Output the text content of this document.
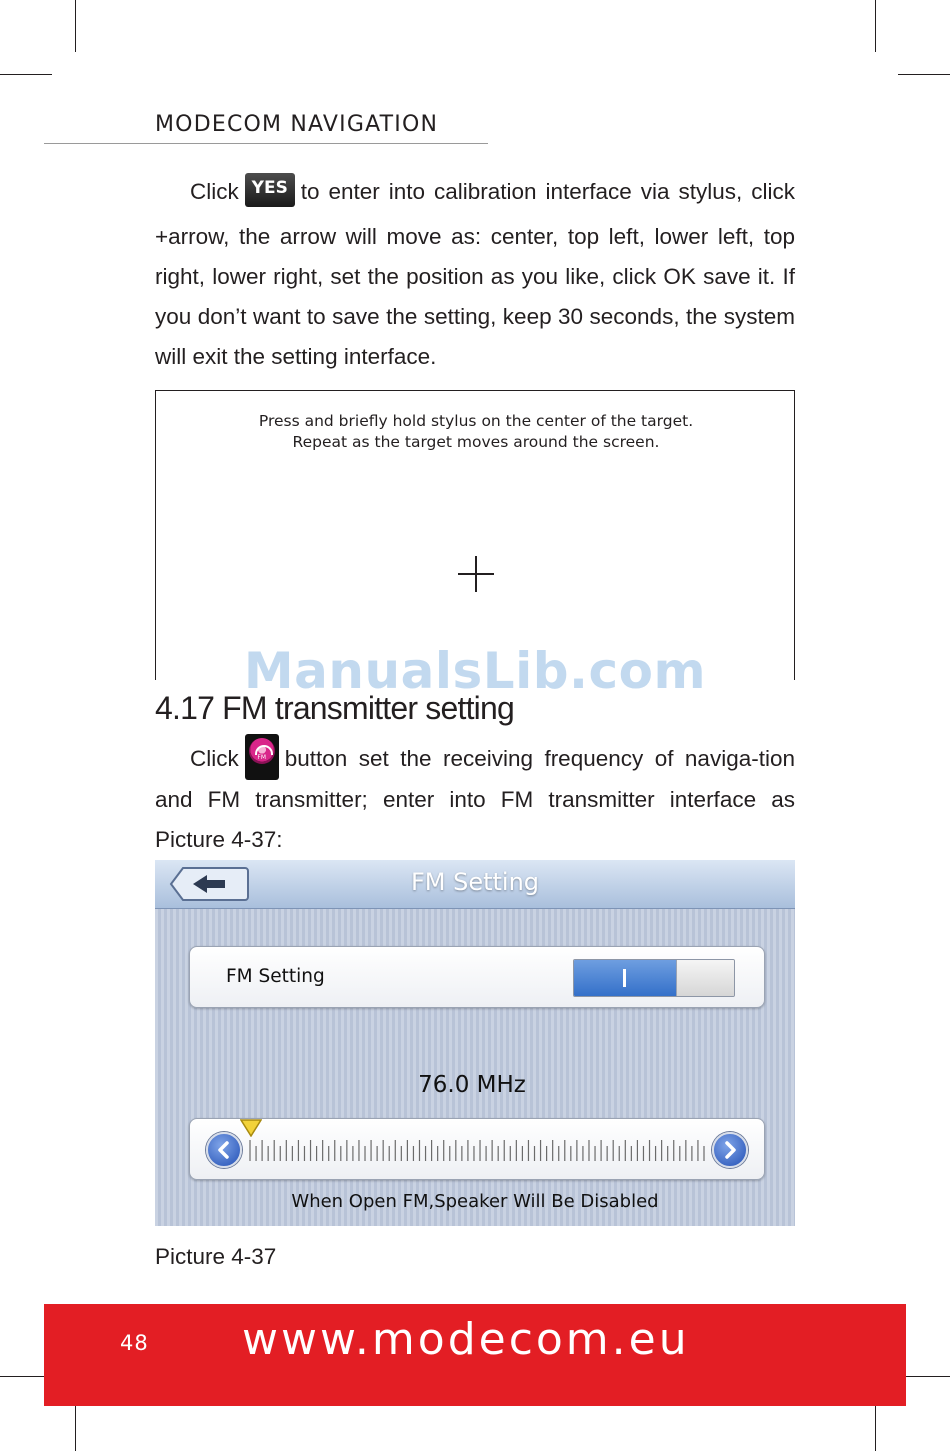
MODECOM NAVIGATION
Click YES to enter into calibration interface via stylus, click +arrow, the arrow will move as: center, top left, lower left, top right, lower right, set the position as you like, click OK save it. If you don’t want to save the setting, keep 30 seconds, the system will exit the setting interface.
Press and briefly hold stylus on the center of the target.
Repeat as the target moves around the screen.
ManualsLib.com
4.17 FM transmitter setting
Click	FM button set the receiving frequency of naviga-tion and FM transmitter; enter into FM transmitter interface as Picture 4-37:
FM Setting
FM Setting
76.0 MHz
When Open FM,Speaker Will Be Disabled
Picture 4-37
48 www.modecom.eu
